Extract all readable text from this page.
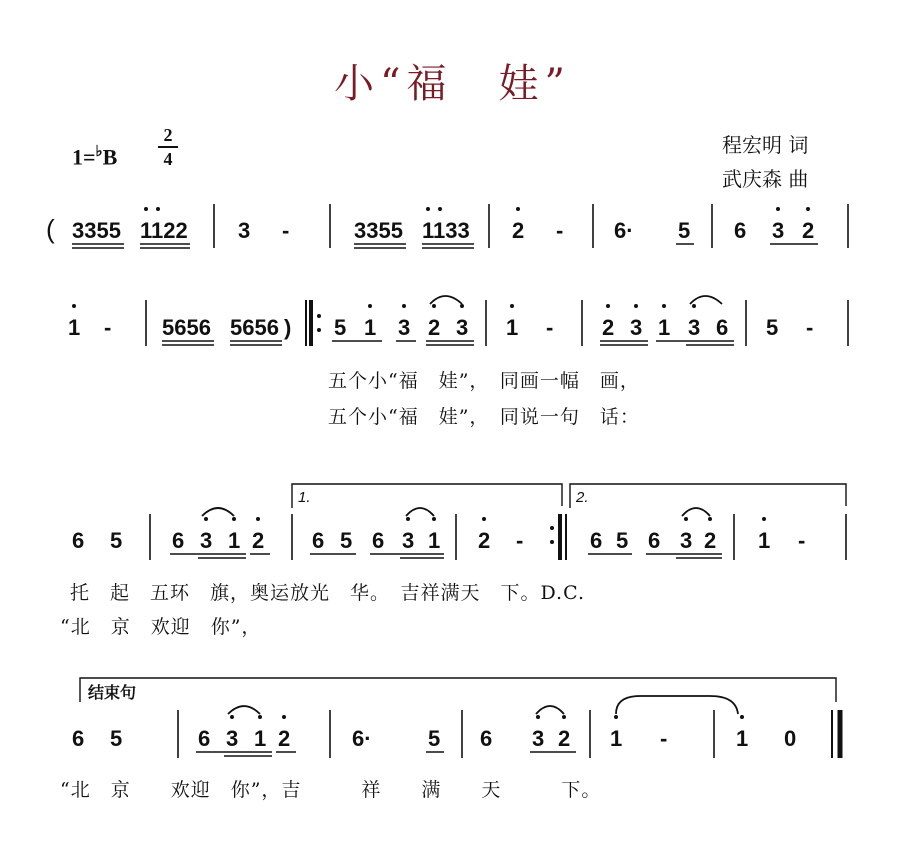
小“福　娃”
1=♭B
2
4
程宏明 词
武庆森 曲
( 3355 1122 3 -	3355 1133 2 - 6· 5 6 3 2
1 - 5656 5656 ) 5 1 3 2 3 1 - 2 3 1 3 6 5 -
五个小“福　娃”，　同画一幅　画，
五个小“福　娃”，　同说一句　话：
1.	2.
6 5 6 3 1 2 6 5 6 3 1 2 -	6 5 6 3 2 1 -
托　起　五环　旗，奥运放光　华。　吉祥满天　下。D.C.
“北　京　欢迎　你”，
结束句
6 5	6 3 1 2	6·	5 6 3 2 1 -	1 0
“北　京　　欢迎　你”，吉　　　祥　　满　　天　　　下。
